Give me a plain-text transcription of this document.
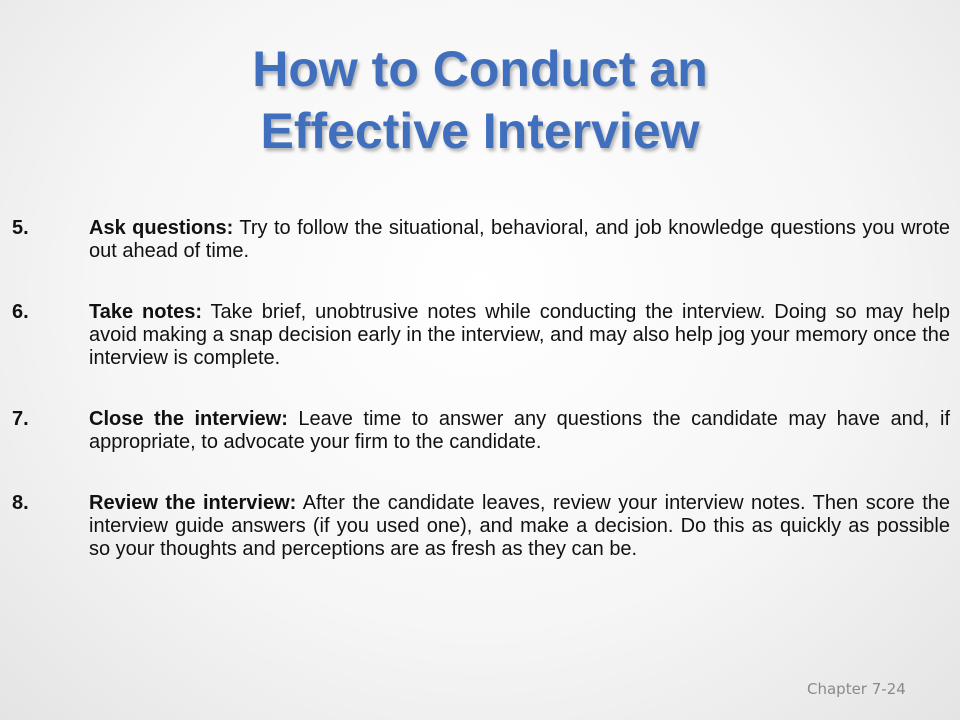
How to Conduct an
Effective Interview
5.	Ask questions: Try to follow the situational, behavioral, and job knowledge questions you wrote out ahead of time.
6.	Take notes: Take brief, unobtrusive notes while conducting the interview. Doing so may help avoid making a snap decision early in the interview, and may also help jog your memory once the interview is complete.
7.	Close the interview: Leave time to answer any questions the candidate may have and, if appropriate, to advocate your firm to the candidate.
8.	Review the interview: After the candidate leaves, review your interview notes. Then score the interview guide answers (if you used one), and make a decision. Do this as quickly as possible so your thoughts and perceptions are as fresh as they can be.
Chapter 7-24
